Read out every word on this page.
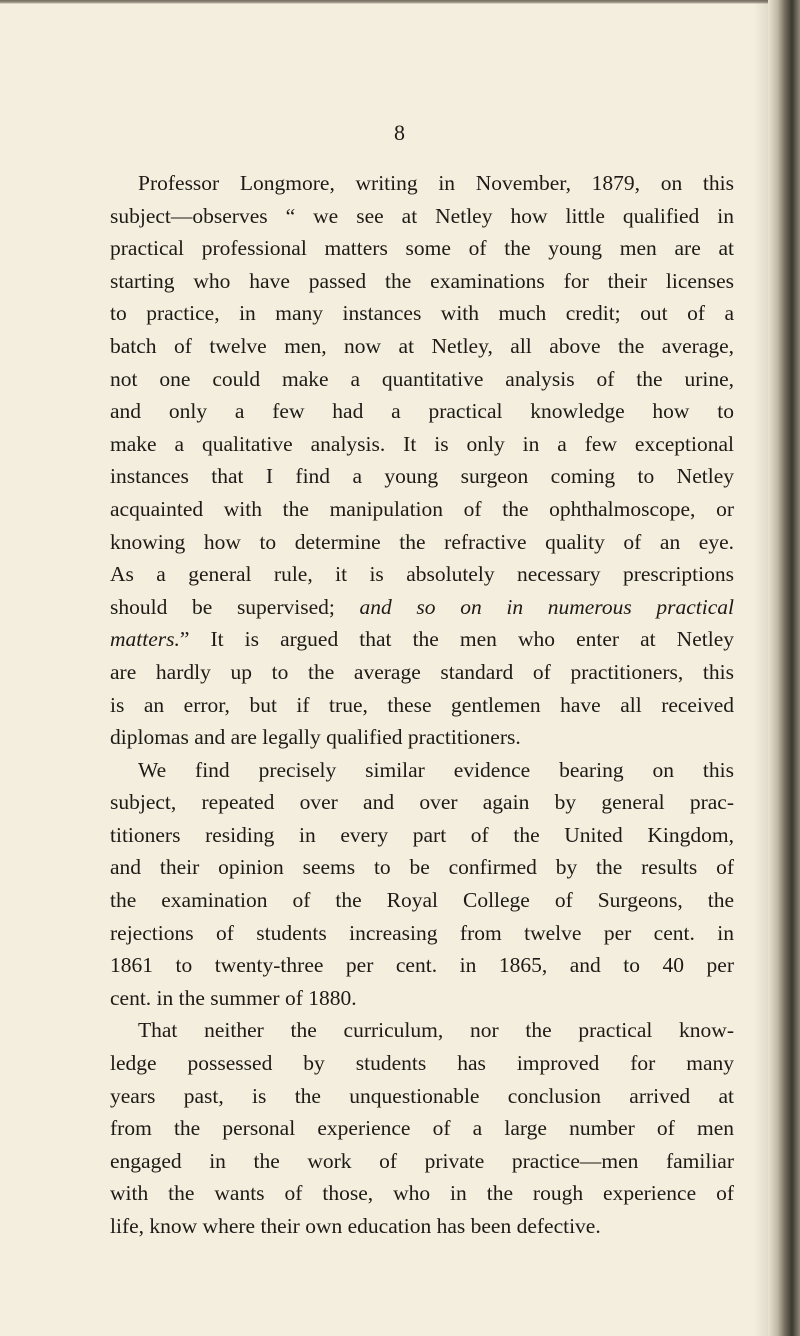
8
Professor Longmore, writing in November, 1879, on this
subject—observes “ we see at Netley how little qualified in
practical professional matters some of the young men are at
starting who have passed the examinations for their licenses
to practice, in many instances with much credit; out of a
batch of twelve men, now at Netley, all above the average,
not one could make a quantitative analysis of the urine,
and only a few had a practical knowledge how to
make a qualitative analysis. It is only in a few exceptional
instances that I find a young surgeon coming to Netley
acquainted with the manipulation of the ophthalmoscope, or
knowing how to determine the refractive quality of an eye.
As a general rule, it is absolutely necessary prescriptions
should be supervised; and so on in numerous practical
matters.” It is argued that the men who enter at Netley
are hardly up to the average standard of practitioners, this
is an error, but if true, these gentlemen have all received
diplomas and are legally qualified practitioners.
We find precisely similar evidence bearing on this
subject, repeated over and over again by general prac-
titioners residing in every part of the United Kingdom,
and their opinion seems to be confirmed by the results of
the examination of the Royal College of Surgeons, the
rejections of students increasing from twelve per cent. in
1861 to twenty-three per cent. in 1865, and to 40 per
cent. in the summer of 1880.
That neither the curriculum, nor the practical know-
ledge possessed by students has improved for many
years past, is the unquestionable conclusion arrived at
from the personal experience of a large number of men
engaged in the work of private practice—men familiar
with the wants of those, who in the rough experience of
life, know where their own education has been defective.
